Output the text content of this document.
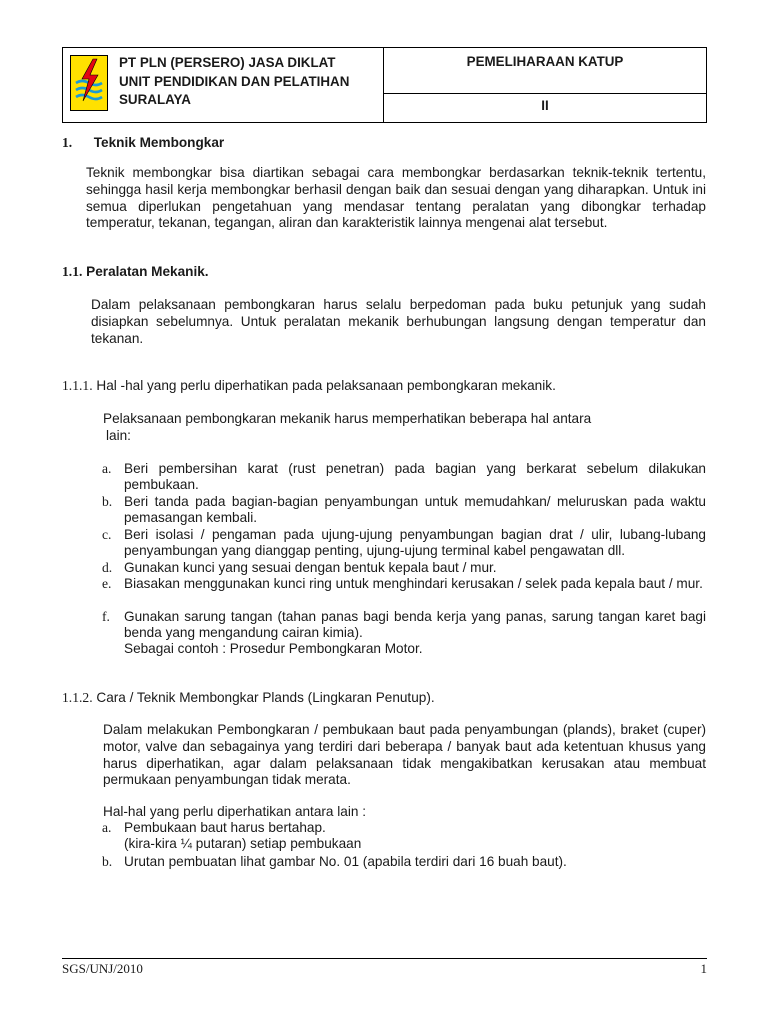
PT PLN (PERSERO) JASA DIKLAT
UNIT PENDIDIKAN DAN PELATIHAN
SURALAYA
PEMELIHARAAN KATUP
II
1. Teknik Membongkar
Teknik membongkar bisa diartikan sebagai cara membongkar berdasarkan teknik-teknik tertentu, sehingga hasil kerja membongkar berhasil dengan baik dan sesuai dengan yang diharapkan. Untuk ini semua diperlukan pengetahuan yang mendasar tentang peralatan yang dibongkar terhadap temperatur, tekanan, tegangan, aliran dan karakteristik lainnya mengenai alat tersebut.
1.1. Peralatan Mekanik.
Dalam pelaksanaan pembongkaran harus selalu berpedoman pada buku petunjuk yang sudah disiapkan sebelumnya. Untuk peralatan mekanik berhubungan langsung dengan temperatur dan tekanan.
1.1.1. Hal -hal yang perlu diperhatikan pada pelaksanaan pembongkaran mekanik.
Pelaksanaan pembongkaran mekanik harus memperhatikan beberapa hal antara
lain:
a. Beri pembersihan karat (rust penetran) pada bagian yang berkarat sebelum dilakukan pembukaan.
b. Beri tanda pada bagian-bagian penyambungan untuk memudahkan/ meluruskan pada waktu pemasangan kembali.
c. Beri isolasi / pengaman pada ujung-ujung penyambungan bagian drat / ulir, lubang-lubang penyambungan yang dianggap penting, ujung-ujung terminal kabel pengawatan dll.
d. Gunakan kunci yang sesuai dengan bentuk kepala baut / mur.
e. Biasakan menggunakan kunci ring untuk menghindari kerusakan / selek pada kepala baut / mur.
f. Gunakan sarung tangan (tahan panas bagi benda kerja yang panas, sarung tangan karet bagi benda yang mengandung cairan kimia).
Sebagai contoh : Prosedur Pembongkaran Motor.
1.1.2. Cara / Teknik Membongkar Plands (Lingkaran Penutup).
Dalam melakukan Pembongkaran / pembukaan baut pada penyambungan (plands), braket (cuper) motor, valve dan sebagainya yang terdiri dari beberapa / banyak baut ada ketentuan khusus yang harus diperhatikan, agar dalam pelaksanaan tidak mengakibatkan kerusakan atau membuat permukaan penyambungan tidak merata.
Hal-hal yang perlu diperhatikan antara lain :
a. Pembukaan baut harus bertahap.
(kira-kira ¼ putaran) setiap pembukaan
b. Urutan pembuatan lihat gambar No. 01 (apabila terdiri dari 16 buah baut).
SGS/UNJ/2010	1
